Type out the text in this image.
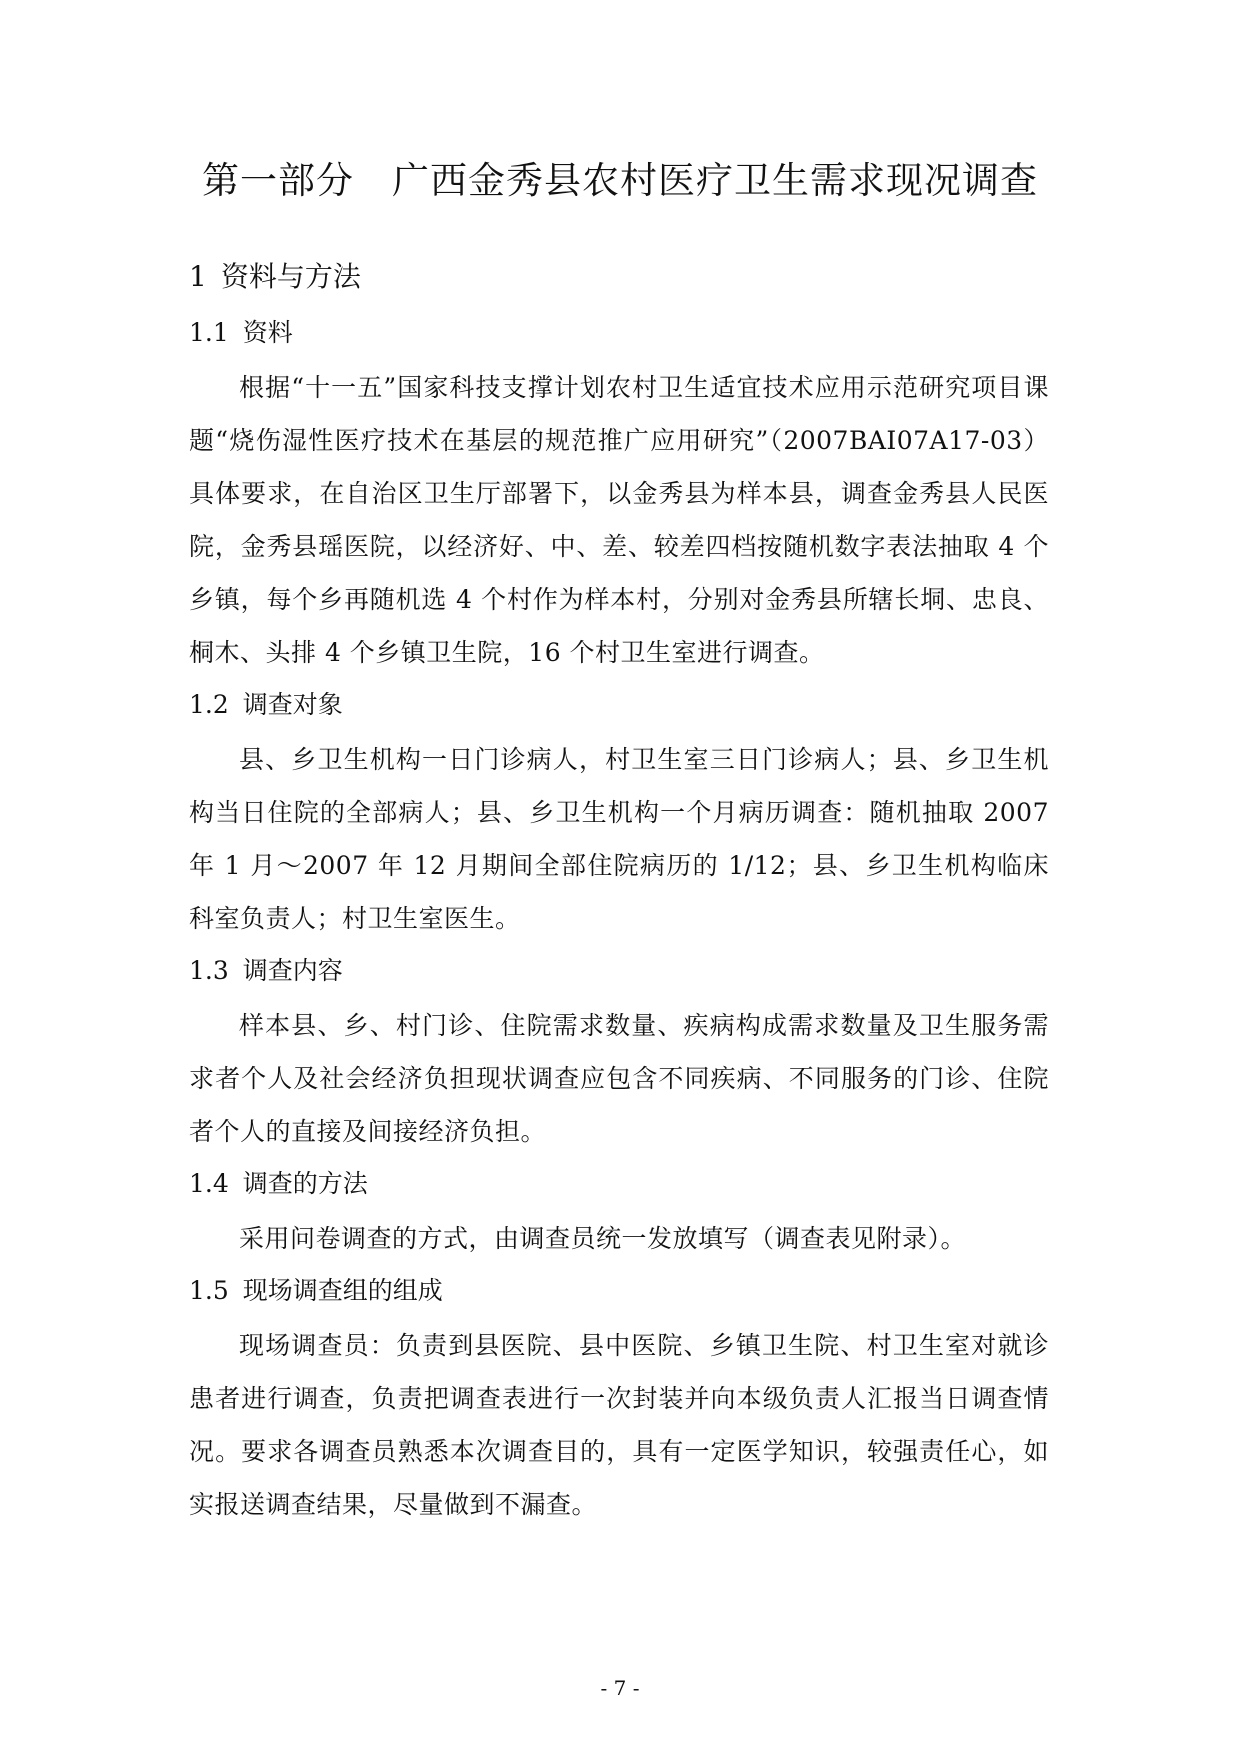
第一部分　广西金秀县农村医疗卫生需求现况调查
1 资料与方法
1.1 资料

根据“十一五”国家科技支撑计划农村卫生适宜技术应用示范研究项目课题“烧伤湿性医疗技术在基层的规范推广应用研究”（2007BAI07A17-03）具体要求，在自治区卫生厅部署下，以金秀县为样本县，调查金秀县人民医院，金秀县瑶医院，以经济好、中、差、较差四档按随机数字表法抽取 4 个乡镇，每个乡再随机选 4 个村作为样本村，分别对金秀县所辖长垌、忠良、桐木、头排 4 个乡镇卫生院，16 个村卫生室进行调查。

1.2 调查对象

县、乡卫生机构一日门诊病人，村卫生室三日门诊病人；县、乡卫生机构当日住院的全部病人；县、乡卫生机构一个月病历调查：随机抽取 2007 年 1 月～2007 年 12 月期间全部住院病历的 1/12；县、乡卫生机构临床科室负责人；村卫生室医生。

1.3 调查内容

样本县、乡、村门诊、住院需求数量、疾病构成需求数量及卫生服务需求者个人及社会经济负担现状调查应包含不同疾病、不同服务的门诊、住院者个人的直接及间接经济负担。

1.4 调查的方法

采用问卷调查的方式，由调查员统一发放填写（调查表见附录）。

1.5 现场调查组的组成

现场调查员：负责到县医院、县中医院、乡镇卫生院、村卫生室对就诊患者进行调查，负责把调查表进行一次封装并向本级负责人汇报当日调查情况。要求各调查员熟悉本次调查目的，具有一定医学知识，较强责任心，如实报送调查结果，尽量做到不漏查。

- 7 -
